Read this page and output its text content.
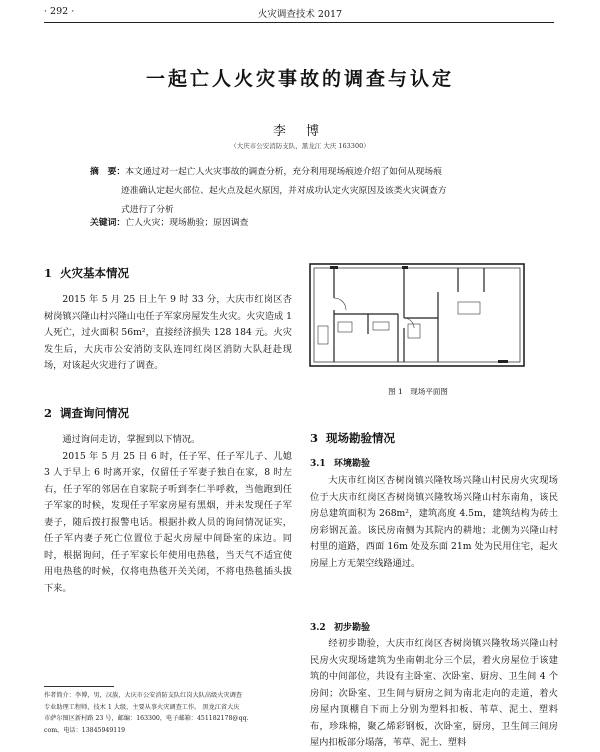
· 292 ·	火灾调查技术 2017
一起亡人火灾事故的调查与认定
李 博
（大庆市公安消防支队，黑龙江 大庆 163300）
摘　要：本文通过对一起亡人火灾事故的调查分析，充分利用现场痕迹介绍了如何从现场痕
迹准确认定起火部位、起火点及起火原因，并对成功认定火灾原因及该类火灾调查方
式进行了分析
关键词：亡人火灾；现场勘验；原因调查
1 火灾基本情况

2015 年 5 月 25 日上午 9 时 33 分，大庆市红岗区杏树岗镇兴隆山村兴隆山屯任子军家房屋发生火灾。火灾造成 1 人死亡，过火面积 56m²，直接经济损失 128 184 元。火灾发生后，大庆市公安消防支队连同红岗区消防大队赶赴现场，对该起火灾进行了调查。

2 调查询问情况

通过询问走访，掌握到以下情况。

2015 年 5 月 25 日 6 时，任子军、任子军儿子、儿媳 3 人于早上 6 时离开家，仅留任子军妻子独自在家，8 时左右，任子军的邻居在自家院子听到李仁半呼救，当他跑到任子军家的时候，发现任子军家房屋有黑烟，并未发现任子军妻子，随后拨打报警电话。根据扑救人员的询问情况证实，任子军内妻子死亡位置位于起火房屋中间卧室的床边。同时，根据询问，任子军家长年使用电热毯，当天气不适宜使用电热毯的时候，仅将电热毯开关关闭，不将电热毯插头拔下来。

图 1　现场平面图
3 现场勘验情况
3.1 环境勘验

大庆市红岗区杏树岗镇兴隆牧场兴隆山村民房火灾现场位于大庆市红岗区杏树岗镇兴隆牧场兴隆山村东南角，该民房总建筑面积为 268m²，建筑高度 4.5m，建筑结构为砖土房彩钢瓦盖。该民房南侧为其院内的耕地；北侧为兴隆山村村里的道路，西面 16m 处及东面 21m 处为民用住宅，起火房屋上方无架空线路通过。

3.2 初步勘验

经初步勘验，大庆市红岗区杏树岗镇兴隆牧场兴隆山村民房火灾现场建筑为坐南朝北分三个层，着火房屋位于该建筑的中间部位，共设有主卧室、次卧室、厨房、卫生间 4 个房间；次卧室、卫生间与厨房之间为南北走向的走道，着火房屋内顶棚自下而上分别为塑料扣板、苇草、泥土、塑料布，珍珠棉，聚乙烯彩钢板，次卧室，厨房，卫生间三间房屋内扣板部分塌落，苇草、泥土、塑料

作者简介：李博，男，汉族，大庆市公安消防支队红岗大队高级火灾调查
专业助理工程师，技术 1 大级，主要从事火灾调查工作。 黑龙江省大庆
市萨尔图区新村路 23 号，邮编：163300，电子邮箱：451182178@qq.
com，电话：13845949119
